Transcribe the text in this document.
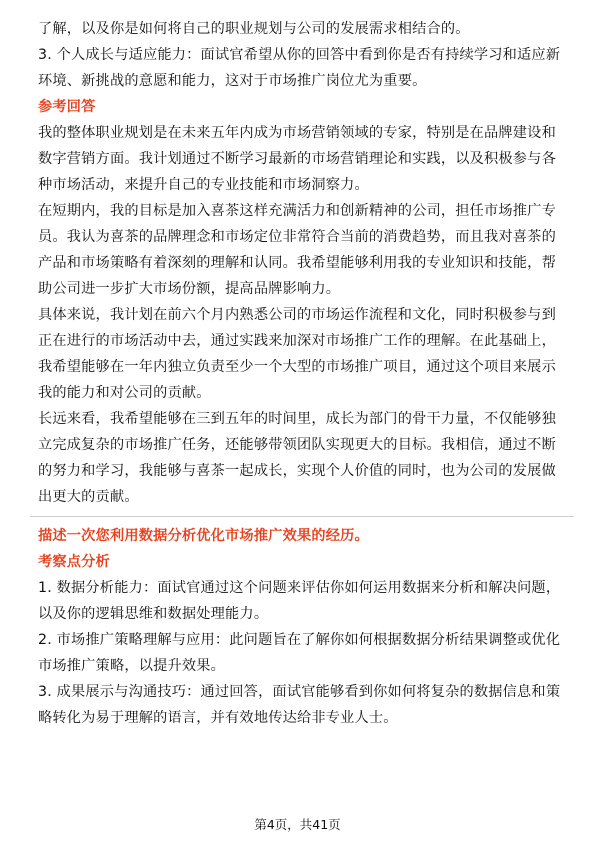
了解，以及你是如何将自己的职业规划与公司的发展需求相结合的。

3. 个人成长与适应能力：面试官希望从你的回答中看到你是否有持续学习和适应新环境、新挑战的意愿和能力，这对于市场推广岗位尤为重要。

参考回答

我的整体职业规划是在未来五年内成为市场营销领域的专家，特别是在品牌建设和数字营销方面。我计划通过不断学习最新的市场营销理论和实践，以及积极参与各种市场活动，来提升自己的专业技能和市场洞察力。

在短期内，我的目标是加入喜茶这样充满活力和创新精神的公司，担任市场推广专员。我认为喜茶的品牌理念和市场定位非常符合当前的消费趋势，而且我对喜茶的产品和市场策略有着深刻的理解和认同。我希望能够利用我的专业知识和技能，帮助公司进一步扩大市场份额，提高品牌影响力。

具体来说，我计划在前六个月内熟悉公司的市场运作流程和文化，同时积极参与到正在进行的市场活动中去，通过实践来加深对市场推广工作的理解。在此基础上，我希望能够在一年内独立负责至少一个大型的市场推广项目，通过这个项目来展示我的能力和对公司的贡献。

长远来看，我希望能够在三到五年的时间里，成长为部门的骨干力量，不仅能够独立完成复杂的市场推广任务，还能够带领团队实现更大的目标。我相信，通过不断的努力和学习，我能够与喜茶一起成长，实现个人价值的同时，也为公司的发展做出更大的贡献。

描述一次您利用数据分析优化市场推广效果的经历。

考察点分析

1. 数据分析能力：面试官通过这个问题来评估你如何运用数据来分析和解决问题，以及你的逻辑思维和数据处理能力。

2. 市场推广策略理解与应用：此问题旨在了解你如何根据数据分析结果调整或优化市场推广策略，以提升效果。

3. 成果展示与沟通技巧：通过回答，面试官能够看到你如何将复杂的数据信息和策略转化为易于理解的语言，并有效地传达给非专业人士。

第4页，共41页
